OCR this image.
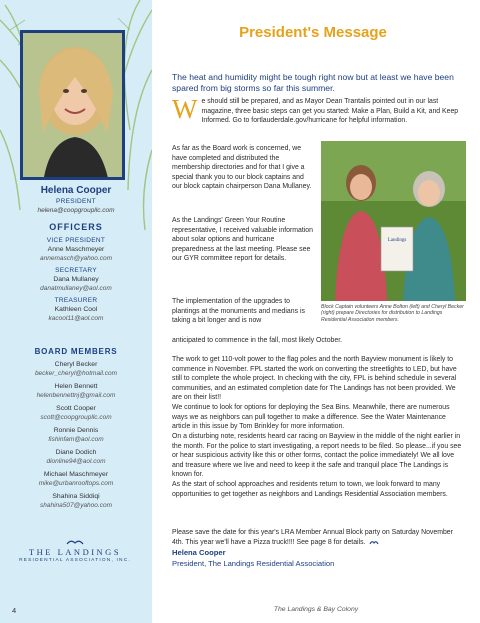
Helena Cooper
PRESIDENT
helena@coopgroupllc.com
OFFICERS
VICE PRESIDENT
Anne Maschmeyer
annemasch@yahoo.com
SECRETARY
Dana Mullaney
danatmullaney@aol.com
TREASURER
Kathleen Cool
kacool11@aol.com
BOARD MEMBERS
Cheryl Becker
becker_cheryl@hotmail.com
Helen Bennett
helenbennettnj@gmail.com
Scott Cooper
scott@coopgroupllc.com
Ronnie Dennis
fishinfam@aol.com
Diane Dodich
dionline94@aol.com
Michael Maschmeyer
mike@urbanrooftops.com
Shahina Siddiqi
shahina507@yahoo.com
THE LANDINGS
RESIDENTIAL ASSOCIATION, INC.
President's Message
The heat and humidity might be tough right now but at least we have been spared from big storms so far this summer.
W e should still be prepared, and as Mayor Dean Trantalis pointed out in our last magazine, three basic steps can get you started: Make a Plan, Build a Kit, and Keep Informed. Go to fortlauderdale.gov/hurricane for helpful information.
As far as the Board work is concerned, we have completed and distributed the membership directories and for that I give a special thank you to our block captains and our block captain chairperson Dana Mullaney.
As the Landings' Green Your Routine representative, I received valuable information about solar options and hurricane preparedness at the last meeting. Please see our GYR committee report for details.
The implementation of the upgrades to plantings at the monuments and medians is taking a bit longer and is now
Landings
Block Captain volunteers Anne Bolton (left) and Cheryl Becker (right) prepare Directories for distribution to Landings Residential Association members.
anticipated to commence in the fall, most likely October.
The work to get 110-volt power to the flag poles and the north Bayview monument is likely to commence in November. FPL started the work on converting the streetlights to LED, but have still to complete the whole project. In checking with the city, FPL is behind schedule in several communities, and an estimated completion date for The Landings has not been provided. We are on their list!!
We continue to look for options for deploying the Sea Bins. Meanwhile, there are numerous ways we as neighbors can pull together to make a difference. See the Water Maintenance article in this issue by Tom Brinkley for more information.
On a disturbing note, residents heard car racing on Bayview in the middle of the night earlier in the month. For the police to start investigating, a report needs to be filed. So please...if you see or hear suspicious activity like this or other forms, contact the police immediately! We all love and treasure where we live and need to keep it the safe and tranquil place The Landings is known for.
As the start of school approaches and residents return to town, we look forward to many opportunities to get together as neighbors and Landings Residential Association members.
Please save the date for this year's LRA Member Annual Block party on Saturday November 4th. This year we'll have a Pizza truck!!!! See page 8 for details.
Helena Cooper
President, The Landings Residential Association
4	The Landings & Bay Colony
